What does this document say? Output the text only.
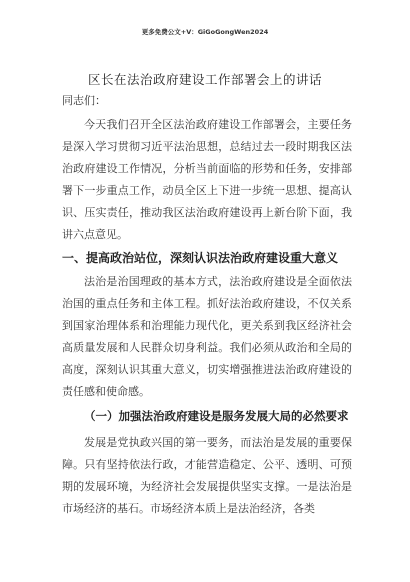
更多免费公文+V：GiGoGongWen2024
区长在法治政府建设工作部署会上的讲话
同志们：
今天我们召开全区法治政府建设工作部署会，主要任务是深入学习贯彻习近平法治思想，总结过去一段时期我区法治政府建设工作情况，分析当前面临的形势和任务，安排部署下一步重点工作，动员全区上下进一步统一思想、提高认识、压实责任，推动我区法治政府建设再上新台阶下面，我讲六点意见。
一、提高政治站位，深刻认识法治政府建设重大意义
法治是治国理政的基本方式，法治政府建设是全面依法治国的重点任务和主体工程。抓好法治政府建设，不仅关系到国家治理体系和治理能力现代化，更关系到我区经济社会高质量发展和人民群众切身利益。我们必须从政治和全局的高度，深刻认识其重大意义，切实增强推进法治政府建设的责任感和使命感。
（一）加强法治政府建设是服务发展大局的必然要求
发展是党执政兴国的第一要务，而法治是发展的重要保障。只有坚持依法行政，才能营造稳定、公平、透明、可预期的发展环境，为经济社会发展提供坚实支撑。一是法治是市场经济的基石。市场经济本质上是法治经济，各类
